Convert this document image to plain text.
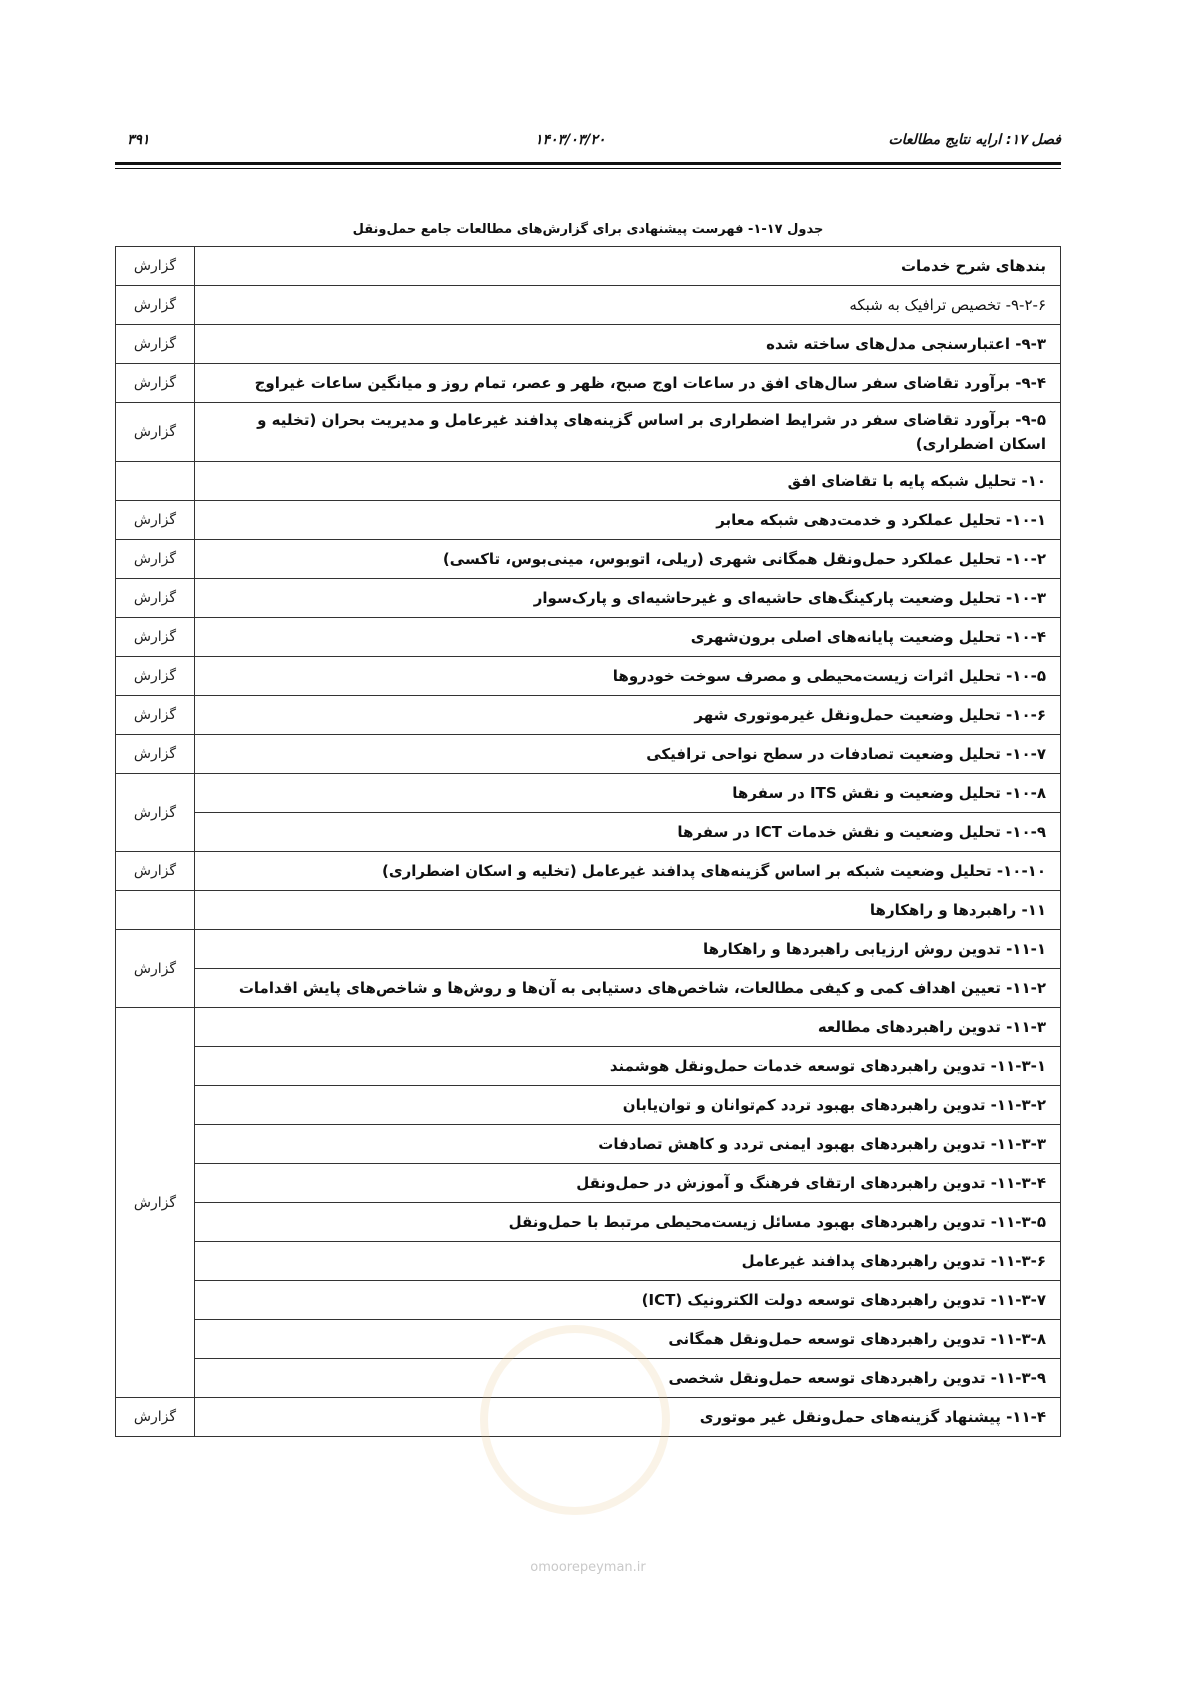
فصل ۱۷: ارایه نتایج مطالعات
۱۴۰۳/۰۳/۲۰
۳۹۱
جدول ۱۷-۱- فهرست پیشنهادی برای گزارش‌های مطالعات جامع حمل‌ونقل
گزارش	بندهای شرح خدمات
گزارش	۹-۲-۶- تخصیص ترافیک به شبکه
گزارش	۹-۳- اعتبارسنجی مدل‌های ساخته شده
گزارش	۹-۴- برآورد تقاضای سفر سال‌های افق در ساعات اوج صبح، ظهر و عصر، تمام روز و میانگین ساعات غیراوج
گزارش	۹-۵- برآورد تقاضای سفر در شرایط اضطراری بر اساس گزینه‌های پدافند غیرعامل و مدیریت بحران (تخلیه و اسکان اضطراری)
	۱۰- تحلیل شبکه پایه با تقاضای افق
گزارش	۱۰-۱- تحلیل عملکرد و خدمت‌دهی شبکه معابر
گزارش	۱۰-۲- تحلیل عملکرد حمل‌ونقل همگانی شهری (ریلی، اتوبوس، مینی‌بوس، تاکسی)
گزارش	۱۰-۳- تحلیل وضعیت پارکینگ‌های حاشیه‌ای و غیرحاشیه‌ای و پارک‌سوار
گزارش	۱۰-۴- تحلیل وضعیت پایانه‌های اصلی برون‌شهری
گزارش	۱۰-۵- تحلیل اثرات زیست‌محیطی و مصرف سوخت خودروها
گزارش	۱۰-۶- تحلیل وضعیت حمل‌ونقل غیرموتوری شهر
گزارش	۱۰-۷- تحلیل وضعیت تصادفات در سطح نواحی ترافیکی
گزارش	۱۰-۸- تحلیل وضعیت و نقش ITS در سفرها
	۱۰-۹- تحلیل وضعیت و نقش خدمات ICT در سفرها
گزارش	۱۰-۱۰- تحلیل وضعیت شبکه بر اساس گزینه‌های پدافند غیرعامل (تخلیه و اسکان اضطراری)
	۱۱- راهبردها و راهکارها
گزارش	۱۱-۱- تدوین روش ارزیابی راهبردها و راهکارها
	۱۱-۲- تعیین اهداف کمی و کیفی مطالعات، شاخص‌های دستیابی به آن‌ها و روش‌ها و شاخص‌های پایش اقدامات
گزارش	۱۱-۳- تدوین راهبردهای مطالعه
	۱۱-۳-۱- تدوین راهبردهای توسعه خدمات حمل‌ونقل هوشمند
	۱۱-۳-۲- تدوین راهبردهای بهبود تردد کم‌توانان و توان‌یابان
	۱۱-۳-۳- تدوین راهبردهای بهبود ایمنی تردد و کاهش تصادفات
	۱۱-۳-۴- تدوین راهبردهای ارتقای فرهنگ و آموزش در حمل‌ونقل
	۱۱-۳-۵- تدوین راهبردهای بهبود مسائل زیست‌محیطی مرتبط با حمل‌ونقل
	۱۱-۳-۶- تدوین راهبردهای پدافند غیرعامل
	۱۱-۳-۷- تدوین راهبردهای توسعه دولت الکترونیک (ICT)
	۱۱-۳-۸- تدوین راهبردهای توسعه حمل‌ونقل همگانی
	۱۱-۳-۹- تدوین راهبردهای توسعه حمل‌ونقل شخصی
گزارش	۱۱-۴- پیشنهاد گزینه‌های حمل‌ونقل غیر موتوری
omoorepeyman.ir
